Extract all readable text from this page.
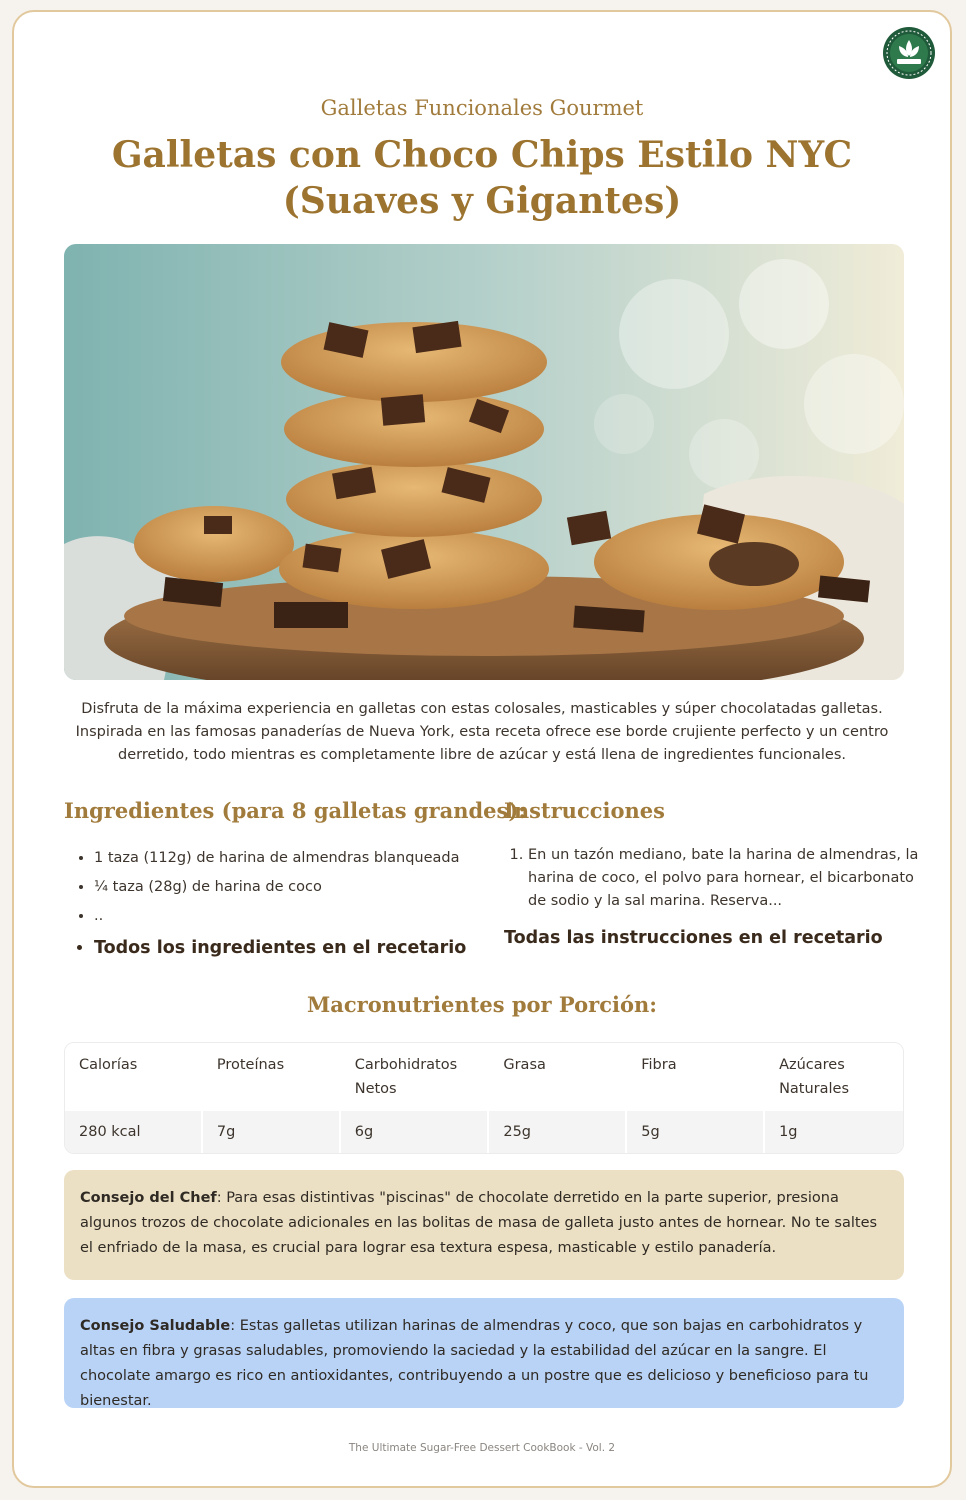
Galletas Funcionales Gourmet
Galletas con Choco Chips Estilo NYC (Suaves y Gigantes)

Disfruta de la máxima experiencia en galletas con estas colosales, masticables y súper chocolatadas galletas. Inspirada en las famosas panaderías de Nueva York, esta receta ofrece ese borde crujiente perfecto y un centro derretido, todo mientras es completamente libre de azúcar y está llena de ingredientes funcionales.

Ingredientes (para 8 galletas grandes):
• 1 taza (112g) de harina de almendras blanqueada
• ¼ taza (28g) de harina de coco
• ..
• Todos los ingredientes en el recetario
Instrucciones
1. En un tazón mediano, bate la harina de almendras, la harina de coco, el polvo para hornear, el bicarbonato de sodio y la sal marina. Reserva...
Todas las instrucciones en el recetario
Macronutrientes por Porción:
Calorías	Proteínas	Carbohidratos Netos	Grasa	Fibra	Azúcares Naturales
280 kcal	7g	6g	25g	5g	1g

Consejo del Chef: Para esas distintivas "piscinas" de chocolate derretido en la parte superior, presiona algunos trozos de chocolate adicionales en las bolitas de masa de galleta justo antes de hornear. No te saltes el enfriado de la masa, es crucial para lograr esa textura espesa, masticable y estilo panadería.

Consejo Saludable: Estas galletas utilizan harinas de almendras y coco, que son bajas en carbohidratos y altas en fibra y grasas saludables, promoviendo la saciedad y la estabilidad del azúcar en la sangre. El chocolate amargo es rico en antioxidantes, contribuyendo a un postre que es delicioso y beneficioso para tu bienestar.

The Ultimate Sugar-Free Dessert CookBook - Vol. 2
